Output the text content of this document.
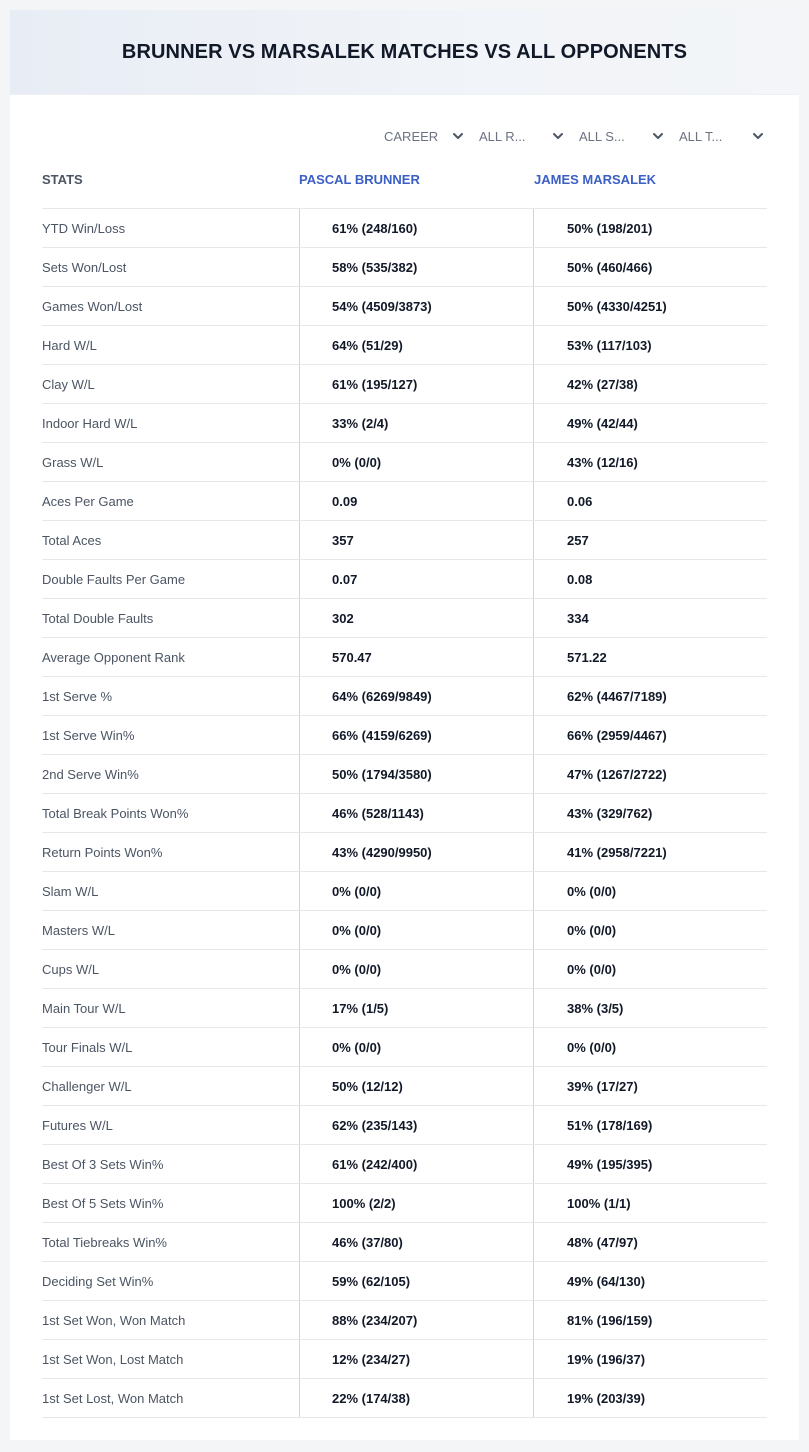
BRUNNER VS MARSALEK MATCHES VS ALL OPPONENTS
CAREER	ALL R...	ALL S...	ALL T...
STATS	PASCAL BRUNNER	JAMES MARSALEK
YTD Win/Loss	61% (248/160)	50% (198/201)
Sets Won/Lost	58% (535/382)	50% (460/466)
Games Won/Lost	54% (4509/3873)	50% (4330/4251)
Hard W/L	64% (51/29)	53% (117/103)
Clay W/L	61% (195/127)	42% (27/38)
Indoor Hard W/L	33% (2/4)	49% (42/44)
Grass W/L	0% (0/0)	43% (12/16)
Aces Per Game	0.09	0.06
Total Aces	357	257
Double Faults Per Game	0.07	0.08
Total Double Faults	302	334
Average Opponent Rank	570.47	571.22
1st Serve %	64% (6269/9849)	62% (4467/7189)
1st Serve Win%	66% (4159/6269)	66% (2959/4467)
2nd Serve Win%	50% (1794/3580)	47% (1267/2722)
Total Break Points Won%	46% (528/1143)	43% (329/762)
Return Points Won%	43% (4290/9950)	41% (2958/7221)
Slam W/L	0% (0/0)	0% (0/0)
Masters W/L	0% (0/0)	0% (0/0)
Cups W/L	0% (0/0)	0% (0/0)
Main Tour W/L	17% (1/5)	38% (3/5)
Tour Finals W/L	0% (0/0)	0% (0/0)
Challenger W/L	50% (12/12)	39% (17/27)
Futures W/L	62% (235/143)	51% (178/169)
Best Of 3 Sets Win%	61% (242/400)	49% (195/395)
Best Of 5 Sets Win%	100% (2/2)	100% (1/1)
Total Tiebreaks Win%	46% (37/80)	48% (47/97)
Deciding Set Win%	59% (62/105)	49% (64/130)
1st Set Won, Won Match	88% (234/207)	81% (196/159)
1st Set Won, Lost Match	12% (234/27)	19% (196/37)
1st Set Lost, Won Match	22% (174/38)	19% (203/39)
